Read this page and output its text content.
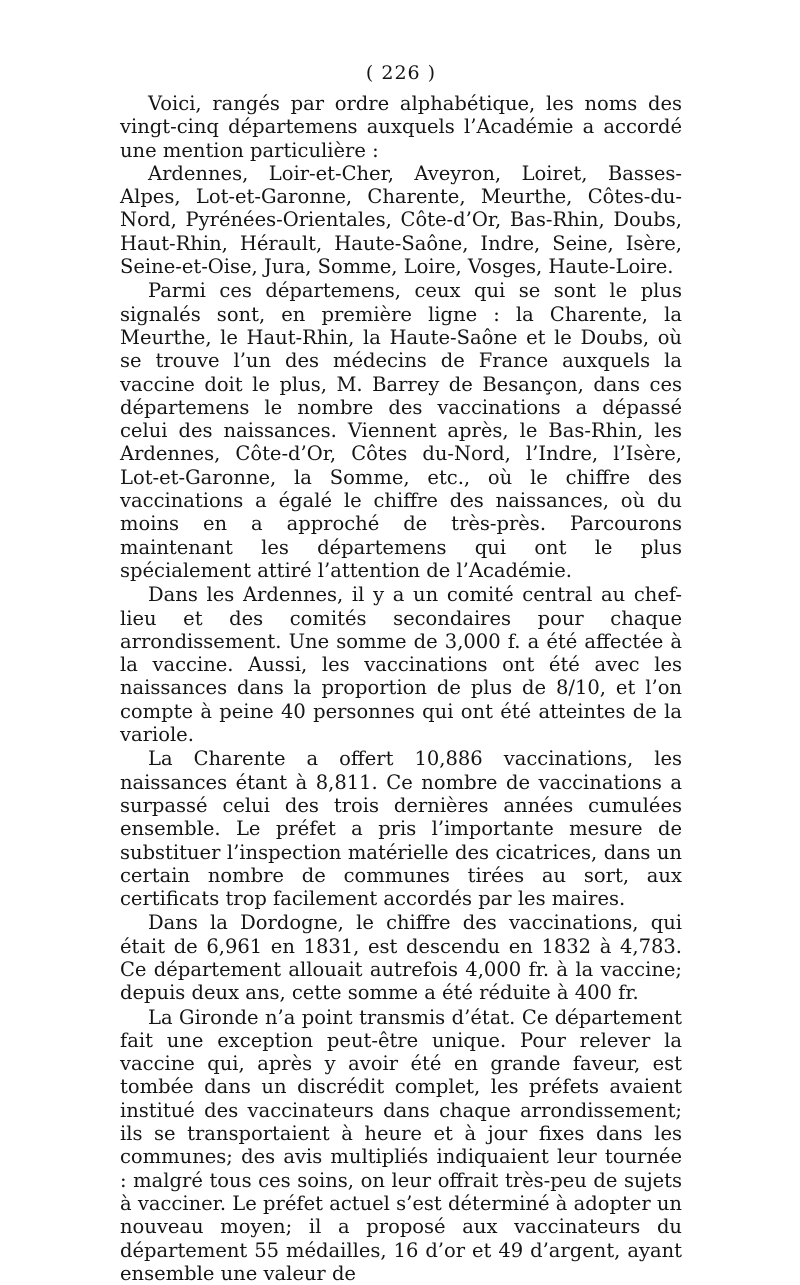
( 226 )

Voici, rangés par ordre alphabétique, les noms des vingt-cinq départemens auxquels l’Académie a accordé une mention particulière :

Ardennes, Loir-et-Cher, Aveyron, Loiret, Basses-Alpes, Lot-et-Garonne, Charente, Meurthe, Côtes-du-Nord, Pyrénées-Orientales, Côte-d’Or, Bas-Rhin, Doubs, Haut-Rhin, Hérault, Haute-Saône, Indre, Seine, Isère, Seine-et-Oise, Jura, Somme, Loire, Vosges, Haute-Loire.

Parmi ces départemens, ceux qui se sont le plus signalés sont, en première ligne : la Charente, la Meurthe, le Haut-Rhin, la Haute-Saône et le Doubs, où se trouve l’un des médecins de France auxquels la vaccine doit le plus, M. Barrey de Besançon, dans ces départemens le nombre des vaccinations a dépassé celui des naissances. Viennent après, le Bas-Rhin, les Ardennes, Côte-d’Or, Côtes du-Nord, l’Indre, l’Isère, Lot-et-Garonne, la Somme, etc., où le chiffre des vaccinations a égalé le chiffre des naissances, où du moins en a approché de très-près. Parcourons maintenant les départemens qui ont le plus spécialement attiré l’attention de l’Académie.

Dans les Ardennes, il y a un comité central au chef-lieu et des comités secondaires pour chaque arrondissement. Une somme de 3,000 f. a été affectée à la vaccine. Aussi, les vaccinations ont été avec les naissances dans la proportion de plus de 8/10, et l’on compte à peine 40 personnes qui ont été atteintes de la variole.

La Charente a offert 10,886 vaccinations, les naissances étant à 8,811. Ce nombre de vaccinations a surpassé celui des trois dernières années cumulées ensemble. Le préfet a pris l’importante mesure de substituer l’inspection matérielle des cicatrices, dans un certain nombre de communes tirées au sort, aux certificats trop facilement accordés par les maires.

Dans la Dordogne, le chiffre des vaccinations, qui était de 6,961 en 1831, est descendu en 1832 à 4,783. Ce département allouait autrefois 4,000 fr. à la vaccine; depuis deux ans, cette somme a été réduite à 400 fr.

La Gironde n’a point transmis d’état. Ce département fait une exception peut-être unique. Pour relever la vaccine qui, après y avoir été en grande faveur, est tombée dans un discrédit complet, les préfets avaient institué des vaccinateurs dans chaque arrondissement; ils se transportaient à heure et à jour fixes dans les communes; des avis multipliés indiquaient leur tournée : malgré tous ces soins, on leur offrait très-peu de sujets à vacciner. Le préfet actuel s’est déterminé à adopter un nouveau moyen; il a proposé aux vaccinateurs du département 55 médailles, 16 d’or et 49 d’argent, ayant ensemble une valeur de
